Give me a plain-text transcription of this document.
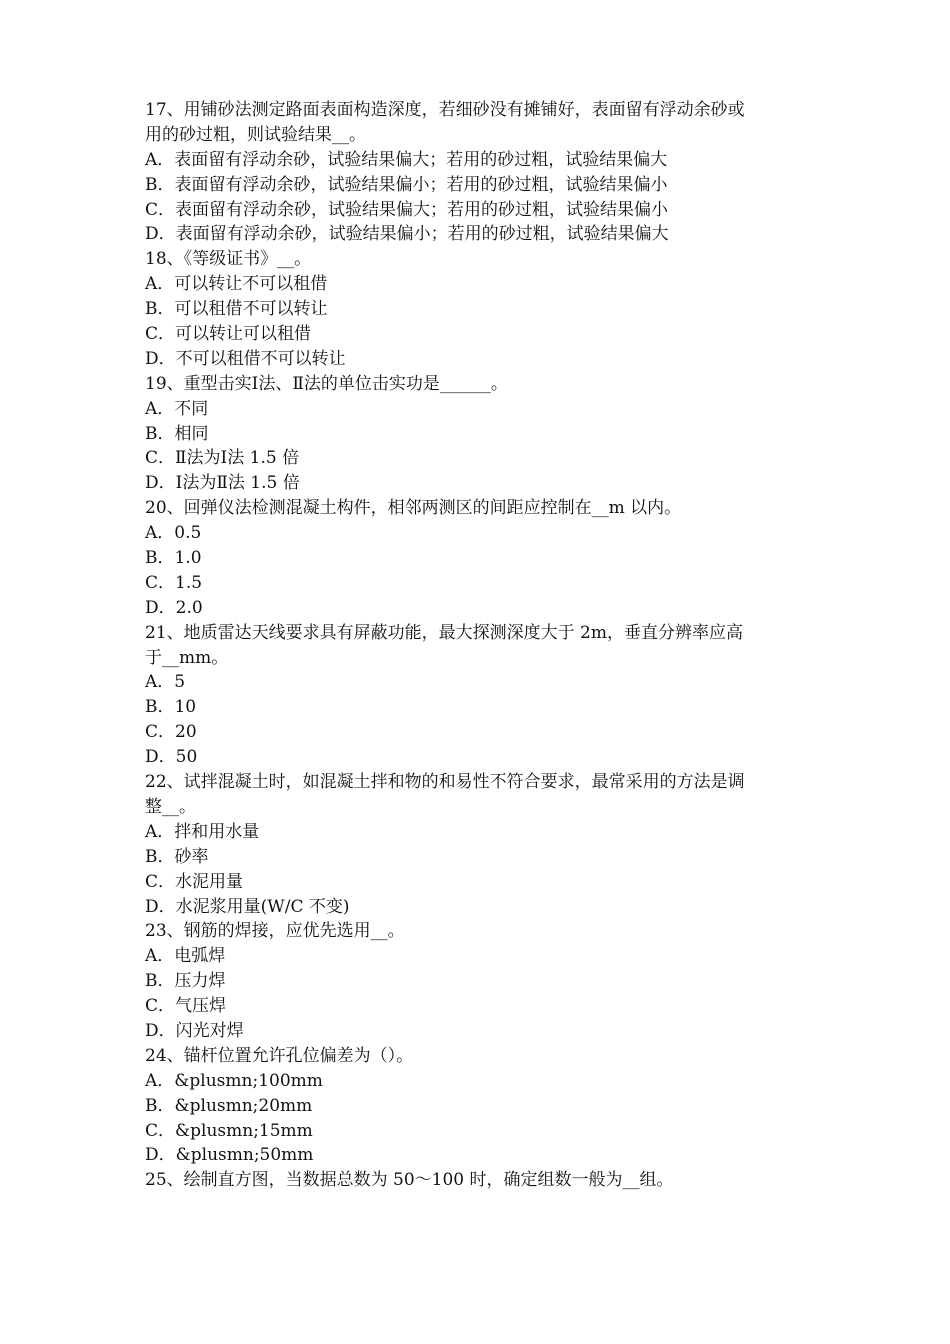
17、用铺砂法测定路面表面构造深度，若细砂没有摊铺好，表面留有浮动余砂或
用的砂过粗，则试验结果__。
A．表面留有浮动余砂，试验结果偏大；若用的砂过粗，试验结果偏大
B．表面留有浮动余砂，试验结果偏小；若用的砂过粗，试验结果偏小
C．表面留有浮动余砂，试验结果偏大；若用的砂过粗，试验结果偏小
D．表面留有浮动余砂，试验结果偏小；若用的砂过粗，试验结果偏大
18、《等级证书》__。
A．可以转让不可以租借
B．可以租借不可以转让
C．可以转让可以租借
D．不可以租借不可以转让
19、重型击实Ⅰ法、Ⅱ法的单位击实功是______。
A．不同
B．相同
C．Ⅱ法为Ⅰ法 1.5 倍
D．Ⅰ法为Ⅱ法 1.5 倍
20、回弹仪法检测混凝土构件，相邻两测区的间距应控制在__m 以内。
A．0.5
B．1.0
C．1.5
D．2.0
21、地质雷达天线要求具有屏蔽功能，最大探测深度大于 2m，垂直分辨率应高
于__mm。
A．5
B．10
C．20
D．50
22、试拌混凝土时，如混凝土拌和物的和易性不符合要求，最常采用的方法是调
整__。
A．拌和用水量
B．砂率
C．水泥用量
D．水泥浆用量(W/C 不变)
23、钢筋的焊接，应优先选用__。
A．电弧焊
B．压力焊
C．气压焊
D．闪光对焊
24、锚杆位置允许孔位偏差为（）。
A．&plusmn;100mm
B．&plusmn;20mm
C．&plusmn;15mm
D．&plusmn;50mm
25、绘制直方图，当数据总数为 50～100 时，确定组数一般为__组。
